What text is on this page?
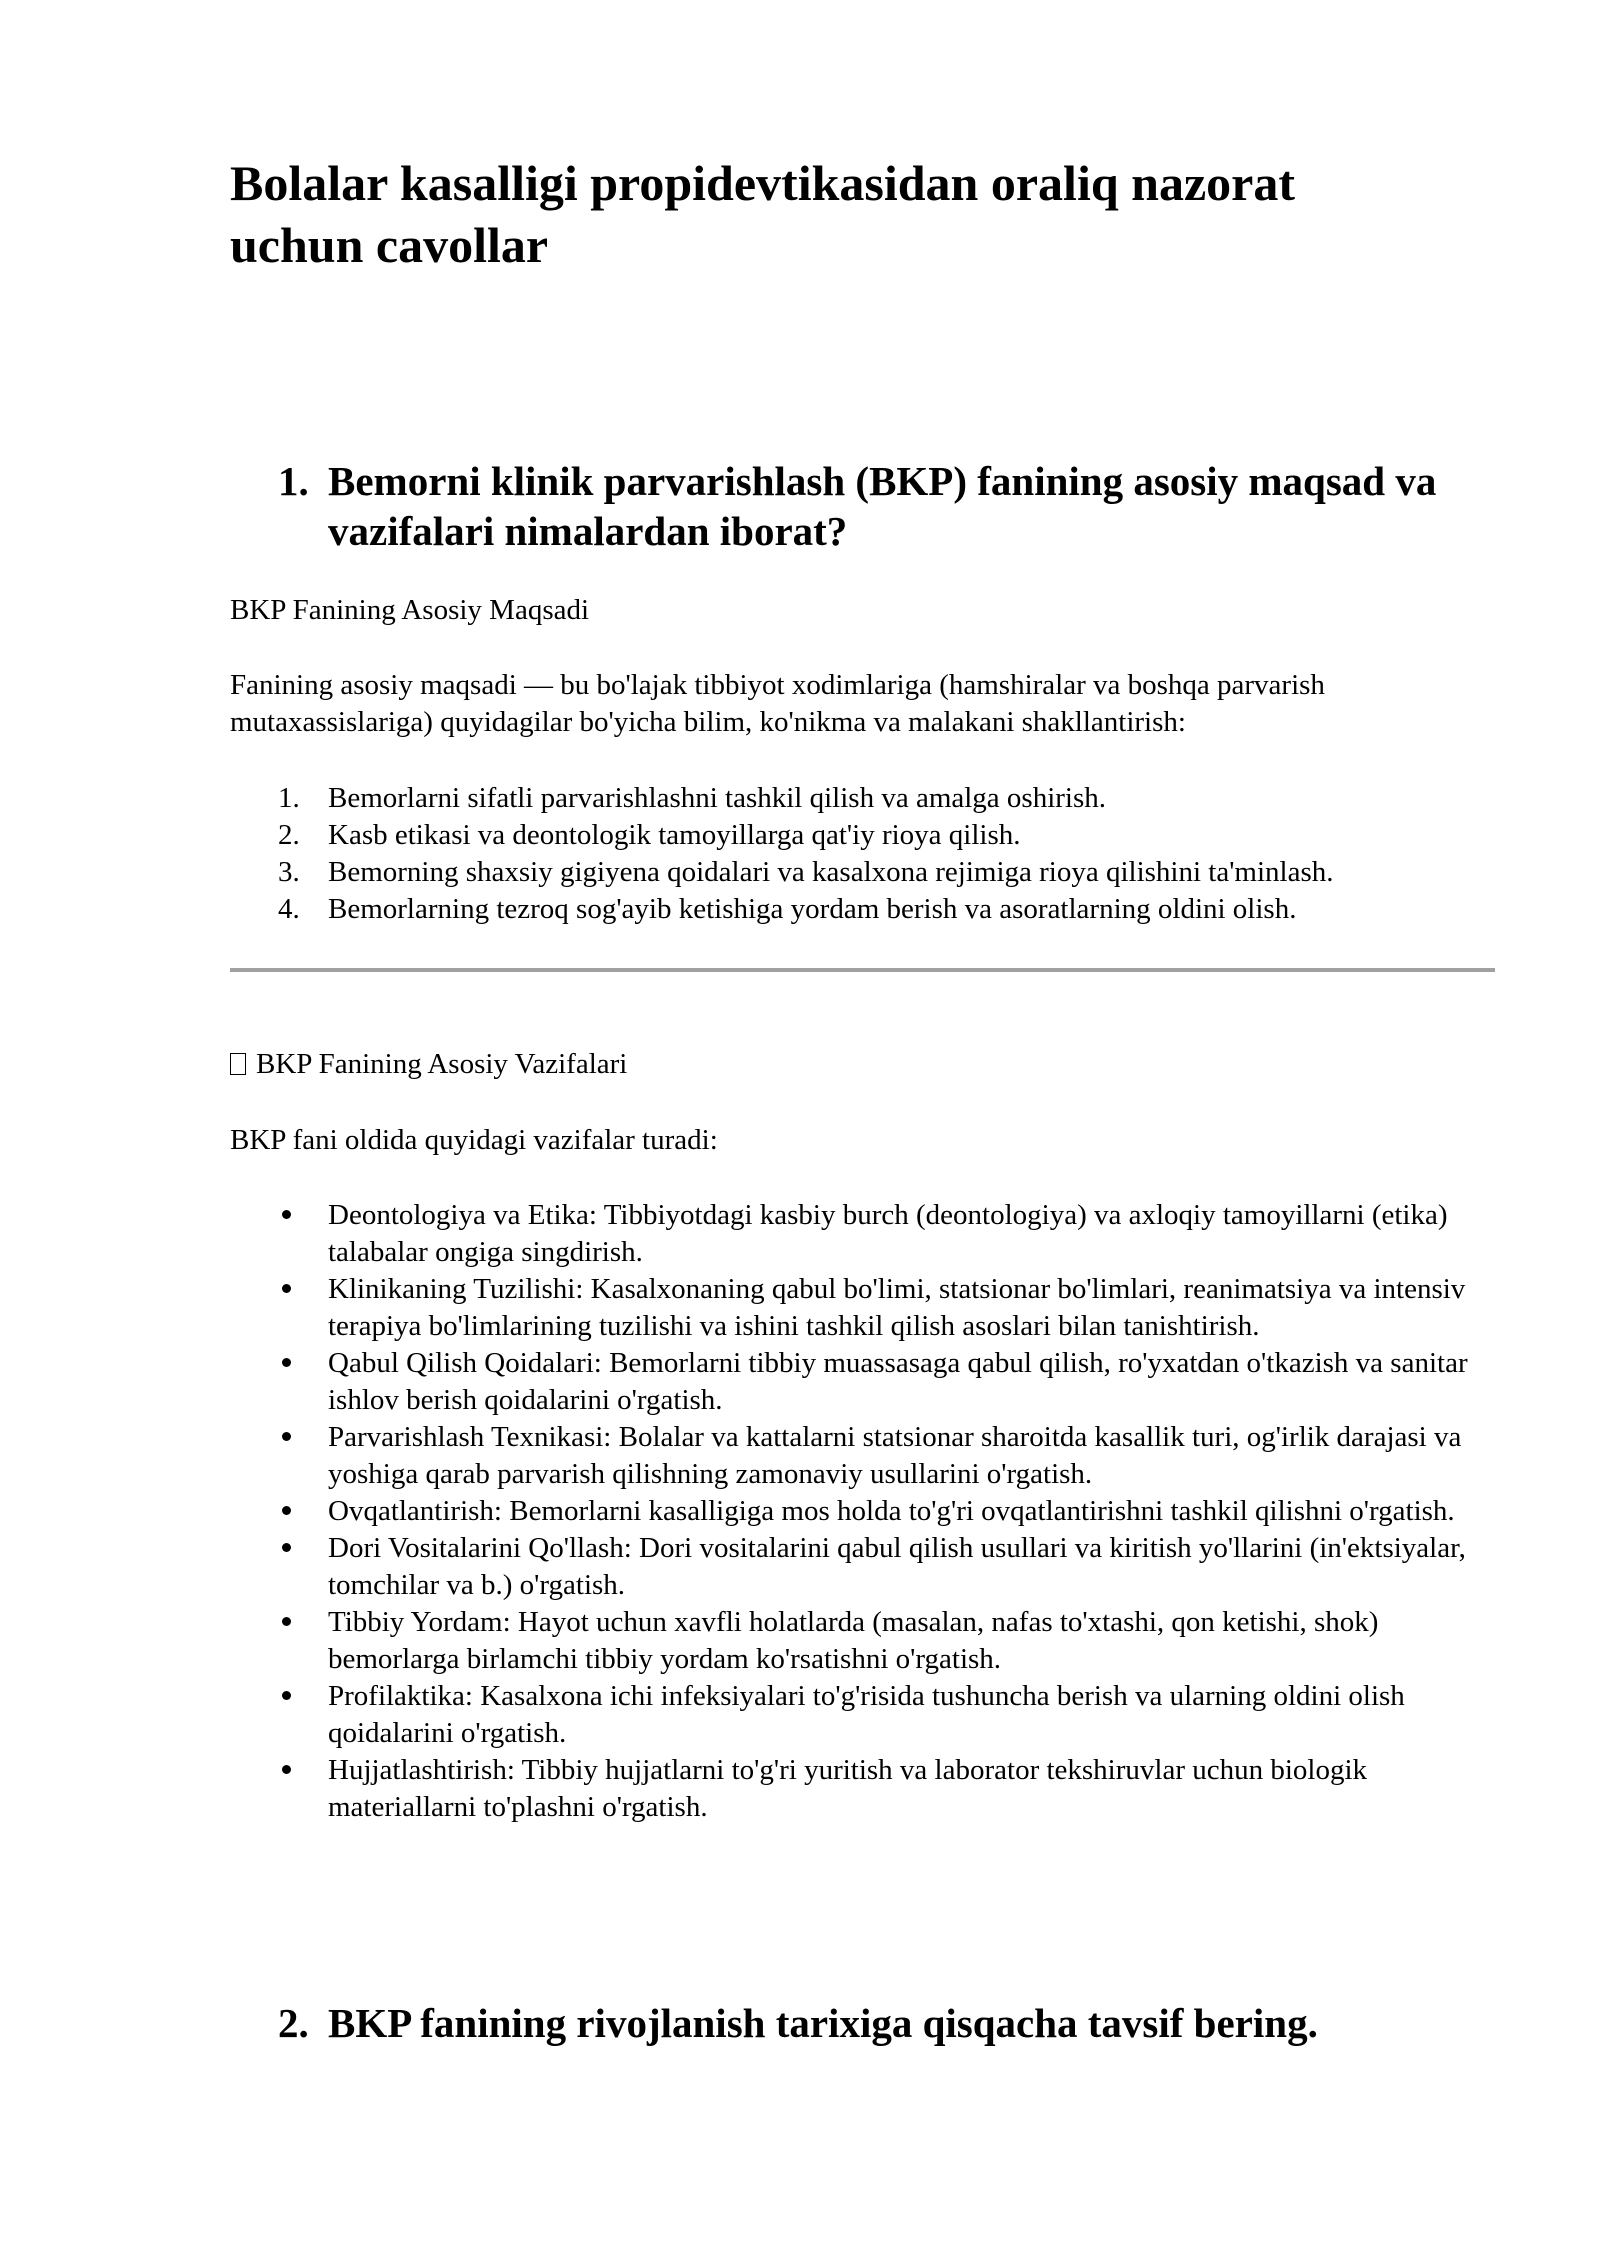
Bolalar kasalligi propidevtikasidan oraliq nazorat uchun cavollar
1. Bemorni klinik parvarishlash (BKP) fanining asosiy maqsad va vazifalari nimalardan iborat?

BKP Fanining Asosiy Maqsadi

Fanining asosiy maqsadi — bu bo'lajak tibbiyot xodimlariga (hamshiralar va boshqa parvarish mutaxassislariga) quyidagilar bo'yicha bilim, ko'nikma va malakani shakllantirish:

1. Bemorlarni sifatli parvarishlashni tashkil qilish va amalga oshirish.
2. Kasb etikasi va deontologik tamoyillarga qat'iy rioya qilish.
3. Bemorning shaxsiy gigiyena qoidalari va kasalxona rejimiga rioya qilishini ta'minlash.
4. Bemorlarning tezroq sog'ayib ketishiga yordam berish va asoratlarning oldini olish.

BKP Fanining Asosiy Vazifalari

BKP fani oldida quyidagi vazifalar turadi:

Deontologiya va Etika: Tibbiyotdagi kasbiy burch (deontologiya) va axloqiy tamoyillarni (etika) talabalar ongiga singdirish.
Klinikaning Tuzilishi: Kasalxonaning qabul bo'limi, statsionar bo'limlari, reanimatsiya va intensiv terapiya bo'limlarining tuzilishi va ishini tashkil qilish asoslari bilan tanishtirish.
Qabul Qilish Qoidalari: Bemorlarni tibbiy muassasaga qabul qilish, ro'yxatdan o'tkazish va sanitar ishlov berish qoidalarini o'rgatish.
Parvarishlash Texnikasi: Bolalar va kattalarni statsionar sharoitda kasallik turi, og'irlik darajasi va yoshiga qarab parvarish qilishning zamonaviy usullarini o'rgatish.
Ovqatlantirish: Bemorlarni kasalligiga mos holda to'g'ri ovqatlantirishni tashkil qilishni o'rgatish.
Dori Vositalarini Qo'llash: Dori vositalarini qabul qilish usullari va kiritish yo'llarini (in'ektsiyalar, tomchilar va b.) o'rgatish.
Tibbiy Yordam: Hayot uchun xavfli holatlarda (masalan, nafas to'xtashi, qon ketishi, shok) bemorlarga birlamchi tibbiy yordam ko'rsatishni o'rgatish.
Profilaktika: Kasalxona ichi infeksiyalari to'g'risida tushuncha berish va ularning oldini olish qoidalarini o'rgatish.
Hujjatlashtirish: Tibbiy hujjatlarni to'g'ri yuritish va laborator tekshiruvlar uchun biologik materiallarni to'plashni o'rgatish.
2. BKP fanining rivojlanish tarixiga qisqacha tavsif bering.
